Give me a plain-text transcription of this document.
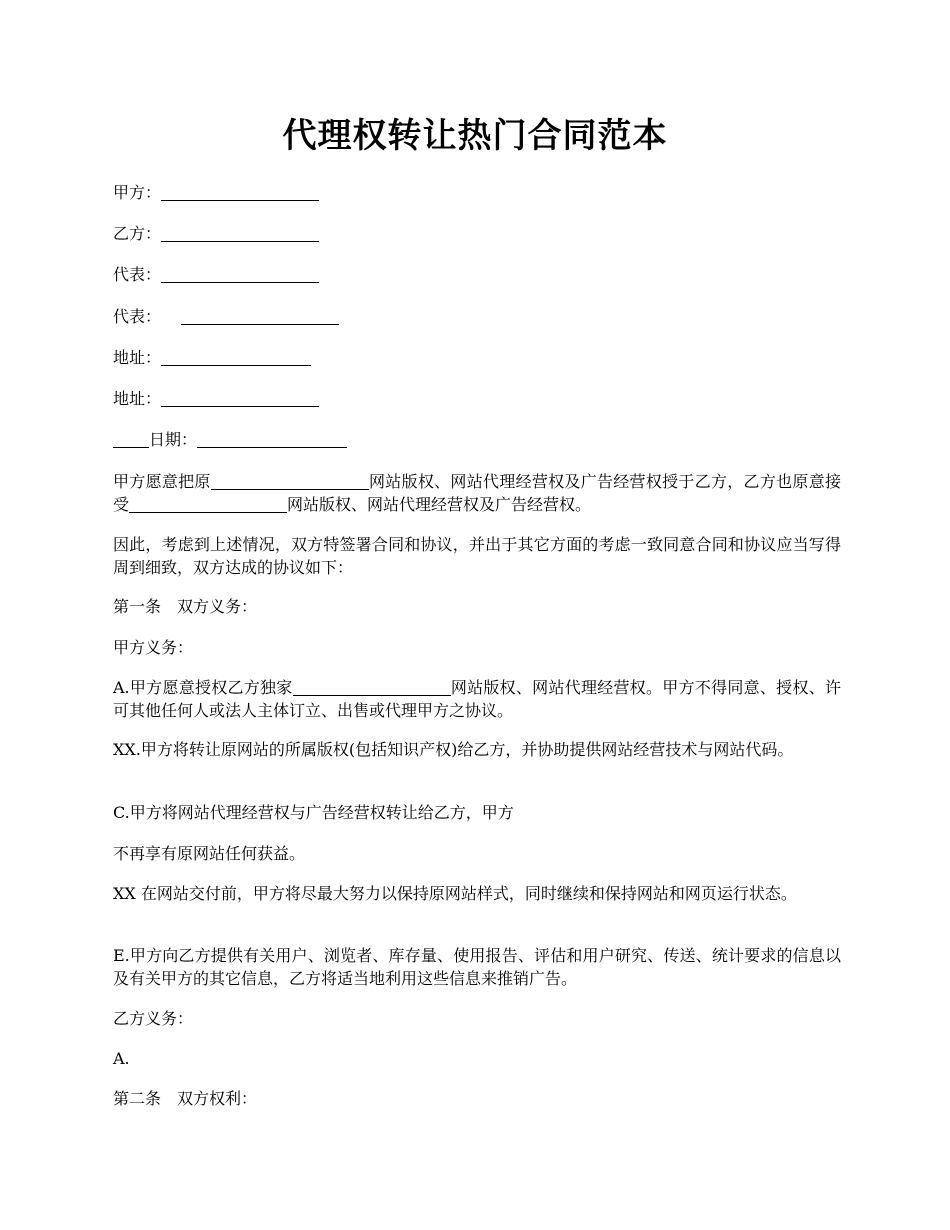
代理权转让热门合同范本
甲方：
乙方：
代表：
代表：
地址：
地址：
日期：
甲方愿意把原	网站版权、网站代理经营权及广告经营权授于乙方，乙方也原意接受	网站版权、网站代理经营权及广告经营权。
因此，考虑到上述情况，双方特签署合同和协议，并出于其它方面的考虑一致同意合同和协议应当写得周到细致，双方达成的协议如下：
第一条　双方义务：
甲方义务：
A.甲方愿意授权乙方独家	网站版权、网站代理经营权。甲方不得同意、授权、许可其他任何人或法人主体订立、出售或代理甲方之协议。
XX.甲方将转让原网站的所属版权(包括知识产权)给乙方，并协助提供网站经营技术与网站代码。
C.甲方将网站代理经营权与广告经营权转让给乙方，甲方
不再享有原网站任何获益。
XX 在网站交付前，甲方将尽最大努力以保持原网站样式，同时继续和保持网站和网页运行状态。
E.甲方向乙方提供有关用户、浏览者、库存量、使用报告、评估和用户研究、传送、统计要求的信息以及有关甲方的其它信息，乙方将适当地利用这些信息来推销广告。
乙方义务：
A.
第二条　双方权利：
